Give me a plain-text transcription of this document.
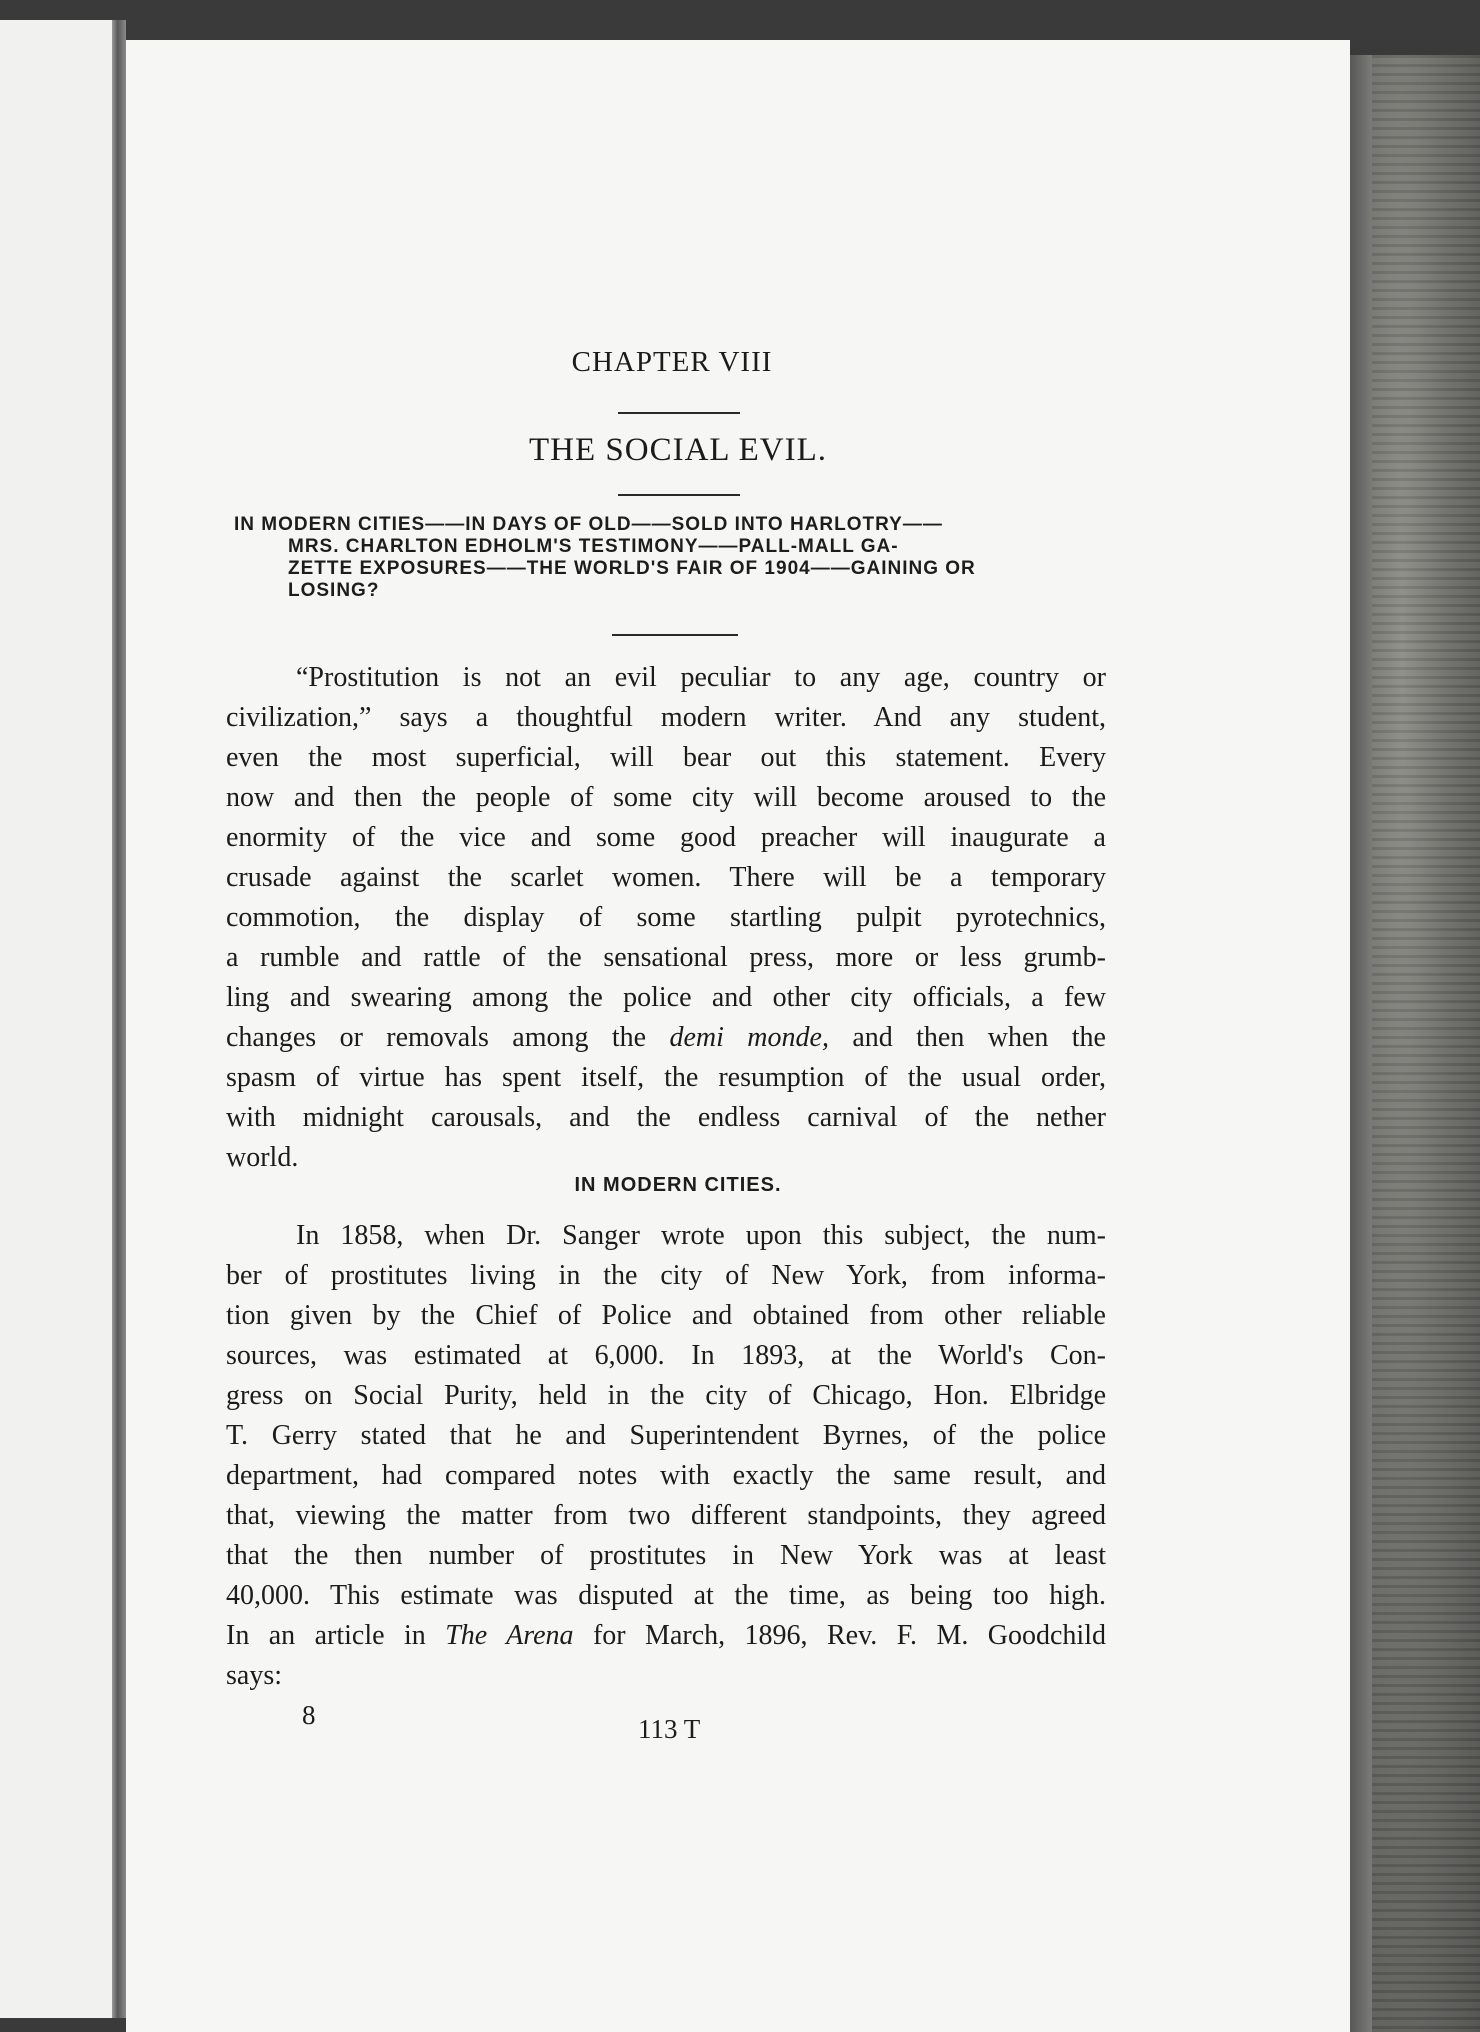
CHAPTER VIII
THE SOCIAL EVIL.
IN MODERN CITIES——IN DAYS OF OLD——SOLD INTO HARLOTRY——
MRS. CHARLTON EDHOLM'S TESTIMONY——PALL-MALL GA-
ZETTE EXPOSURES——THE WORLD'S FAIR OF 1904——GAINING OR
LOSING?
“Prostitution is not an evil peculiar to any age, country or
civilization,” says a thoughtful modern writer. And any student,
even the most superficial, will bear out this statement. Every
now and then the people of some city will become aroused to the
enormity of the vice and some good preacher will inaugurate a
crusade against the scarlet women. There will be a temporary
commotion, the display of some startling pulpit pyrotechnics,
a rumble and rattle of the sensational press, more or less grumb-
ling and swearing among the police and other city officials, a few
changes or removals among the demi monde, and then when the
spasm of virtue has spent itself, the resumption of the usual order,
with midnight carousals, and the endless carnival of the nether
world.
IN MODERN CITIES.
In 1858, when Dr. Sanger wrote upon this subject, the num-
ber of prostitutes living in the city of New York, from informa-
tion given by the Chief of Police and obtained from other reliable
sources, was estimated at 6,000. In 1893, at the World's Con-
gress on Social Purity, held in the city of Chicago, Hon. Elbridge
T. Gerry stated that he and Superintendent Byrnes, of the police
department, had compared notes with exactly the same result, and
that, viewing the matter from two different standpoints, they agreed
that the then number of prostitutes in New York was at least
40,000. This estimate was disputed at the time, as being too high.
In an article in The Arena for March, 1896, Rev. F. M. Goodchild
says:
8	113 T
